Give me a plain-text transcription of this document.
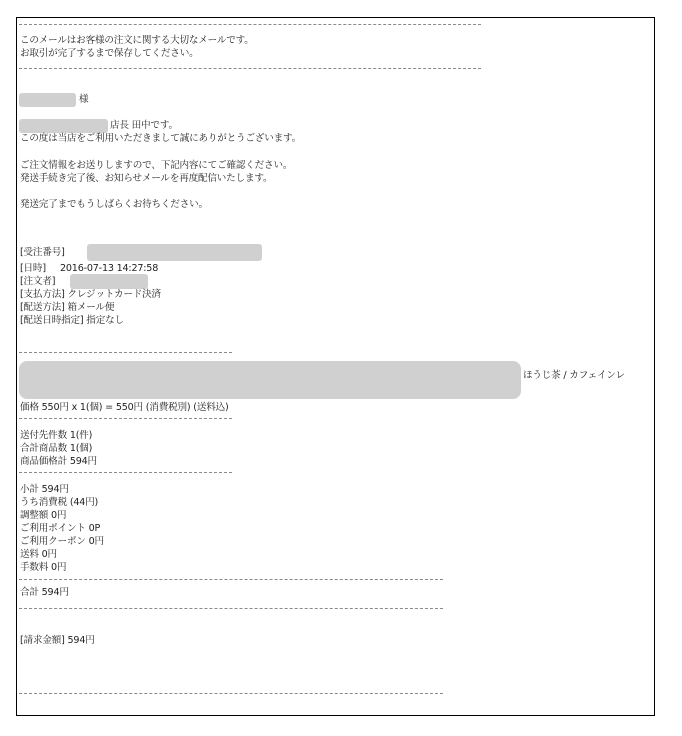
このメールはお客様の注文に関する大切なメールです。
お取引が完了するまで保存してください。
様
店長 田中です。
この度は当店をご利用いただきまして誠にありがとうございます。
ご注文情報をお送りしますので、下記内容にてご確認ください。
発送手続き完了後、お知らせメールを再度配信いたします。
発送完了までもうしばらくお待ちください。
[受注番号]
[日時] 2016-07-13 14:27:58
[注文者]
[支払方法] クレジットカード決済
[配送方法] 箱メール便
[配送日時指定] 指定なし
ほうじ茶 / カフェインレ
価格 550円 x 1(個) = 550円 (消費税別) (送料込)
送付先件数 1(件)
合計商品数 1(個)
商品価格計 594円
小計 594円
うち消費税 (44円)
調整額 0円
ご利用ポイント 0P
ご利用クーポン 0円
送料 0円
手数料 0円
合計 594円
[請求金額] 594円
